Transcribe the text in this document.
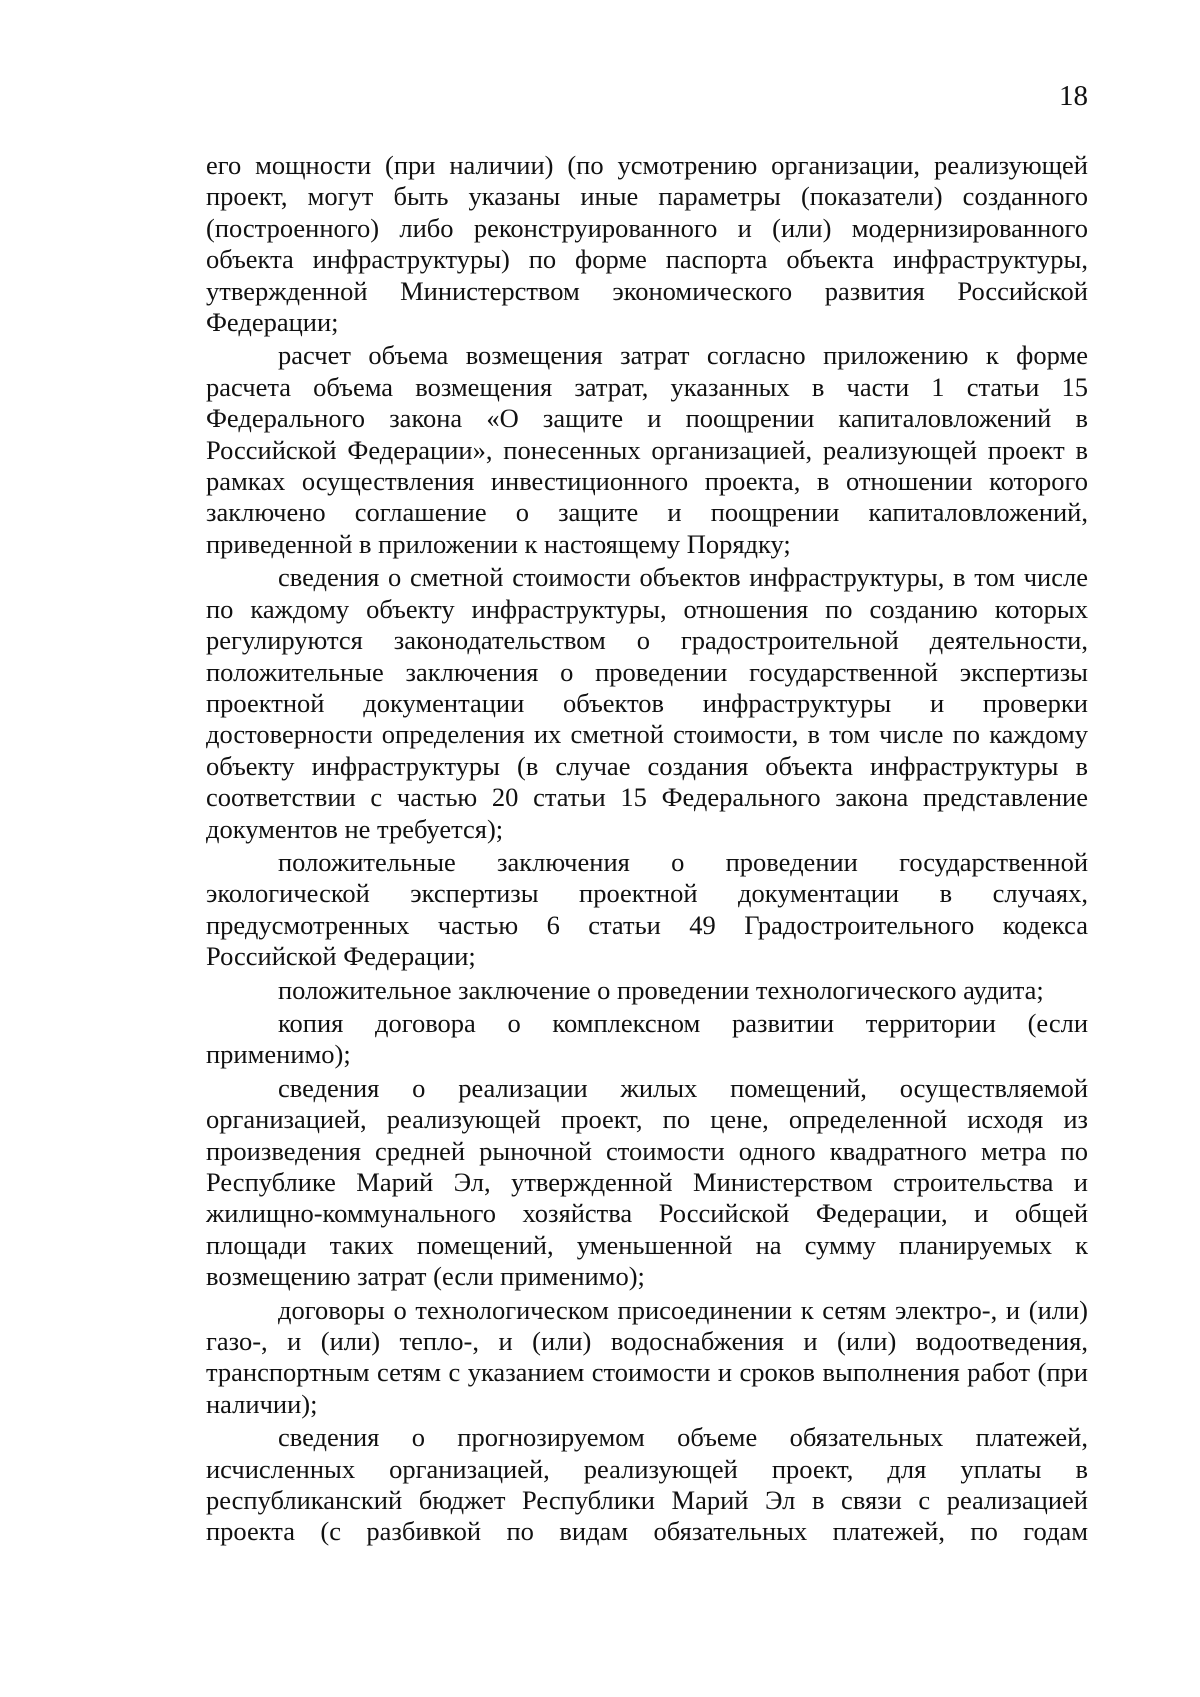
18

его мощности (при наличии) (по усмотрению организации, реализующей проект, могут быть указаны иные параметры (показатели) созданного (построенного) либо реконструированного и (или) модернизированного объекта инфраструктуры) по форме паспорта объекта инфраструктуры, утвержденной Министерством экономического развития Российской Федерации;

расчет объема возмещения затрат согласно приложению к форме расчета объема возмещения затрат, указанных в части 1 статьи 15 Федерального закона «О защите и поощрении капиталовложений в Российской Федерации», понесенных организацией, реализующей проект в рамках осуществления инвестиционного проекта, в отношении которого заключено соглашение о защите и поощрении капиталовложений, приведенной в приложении к настоящему Порядку;

сведения о сметной стоимости объектов инфраструктуры, в том числе по каждому объекту инфраструктуры, отношения по созданию которых регулируются законодательством о градостроительной деятельности, положительные заключения о проведении государственной экспертизы проектной документации объектов инфраструктуры и проверки достоверности определения их сметной стоимости, в том числе по каждому объекту инфраструктуры (в случае создания объекта инфраструктуры в соответствии с частью 20 статьи 15 Федерального закона представление документов не требуется);

положительные заключения о проведении государственной экологической экспертизы проектной документации в случаях, предусмотренных частью 6 статьи 49 Градостроительного кодекса Российской Федерации;

положительное заключение о проведении технологического аудита;

копия договора о комплексном развитии территории (если применимо);

сведения о реализации жилых помещений, осуществляемой организацией, реализующей проект, по цене, определенной исходя из произведения средней рыночной стоимости одного квадратного метра по Республике Марий Эл, утвержденной Министерством строительства и жилищно-коммунального хозяйства Российской Федерации, и общей площади таких помещений, уменьшенной на сумму планируемых к возмещению затрат (если применимо);

договоры о технологическом присоединении к сетям электро-, и (или) газо-, и (или) тепло-, и (или) водоснабжения и (или) водоотведения, транспортным сетям с указанием стоимости и сроков выполнения работ (при наличии);

сведения о прогнозируемом объеме обязательных платежей, исчисленных организацией, реализующей проект, для уплаты в республиканский бюджет Республики Марий Эл в связи с реализацией проекта (с разбивкой по видам обязательных платежей, по годам
